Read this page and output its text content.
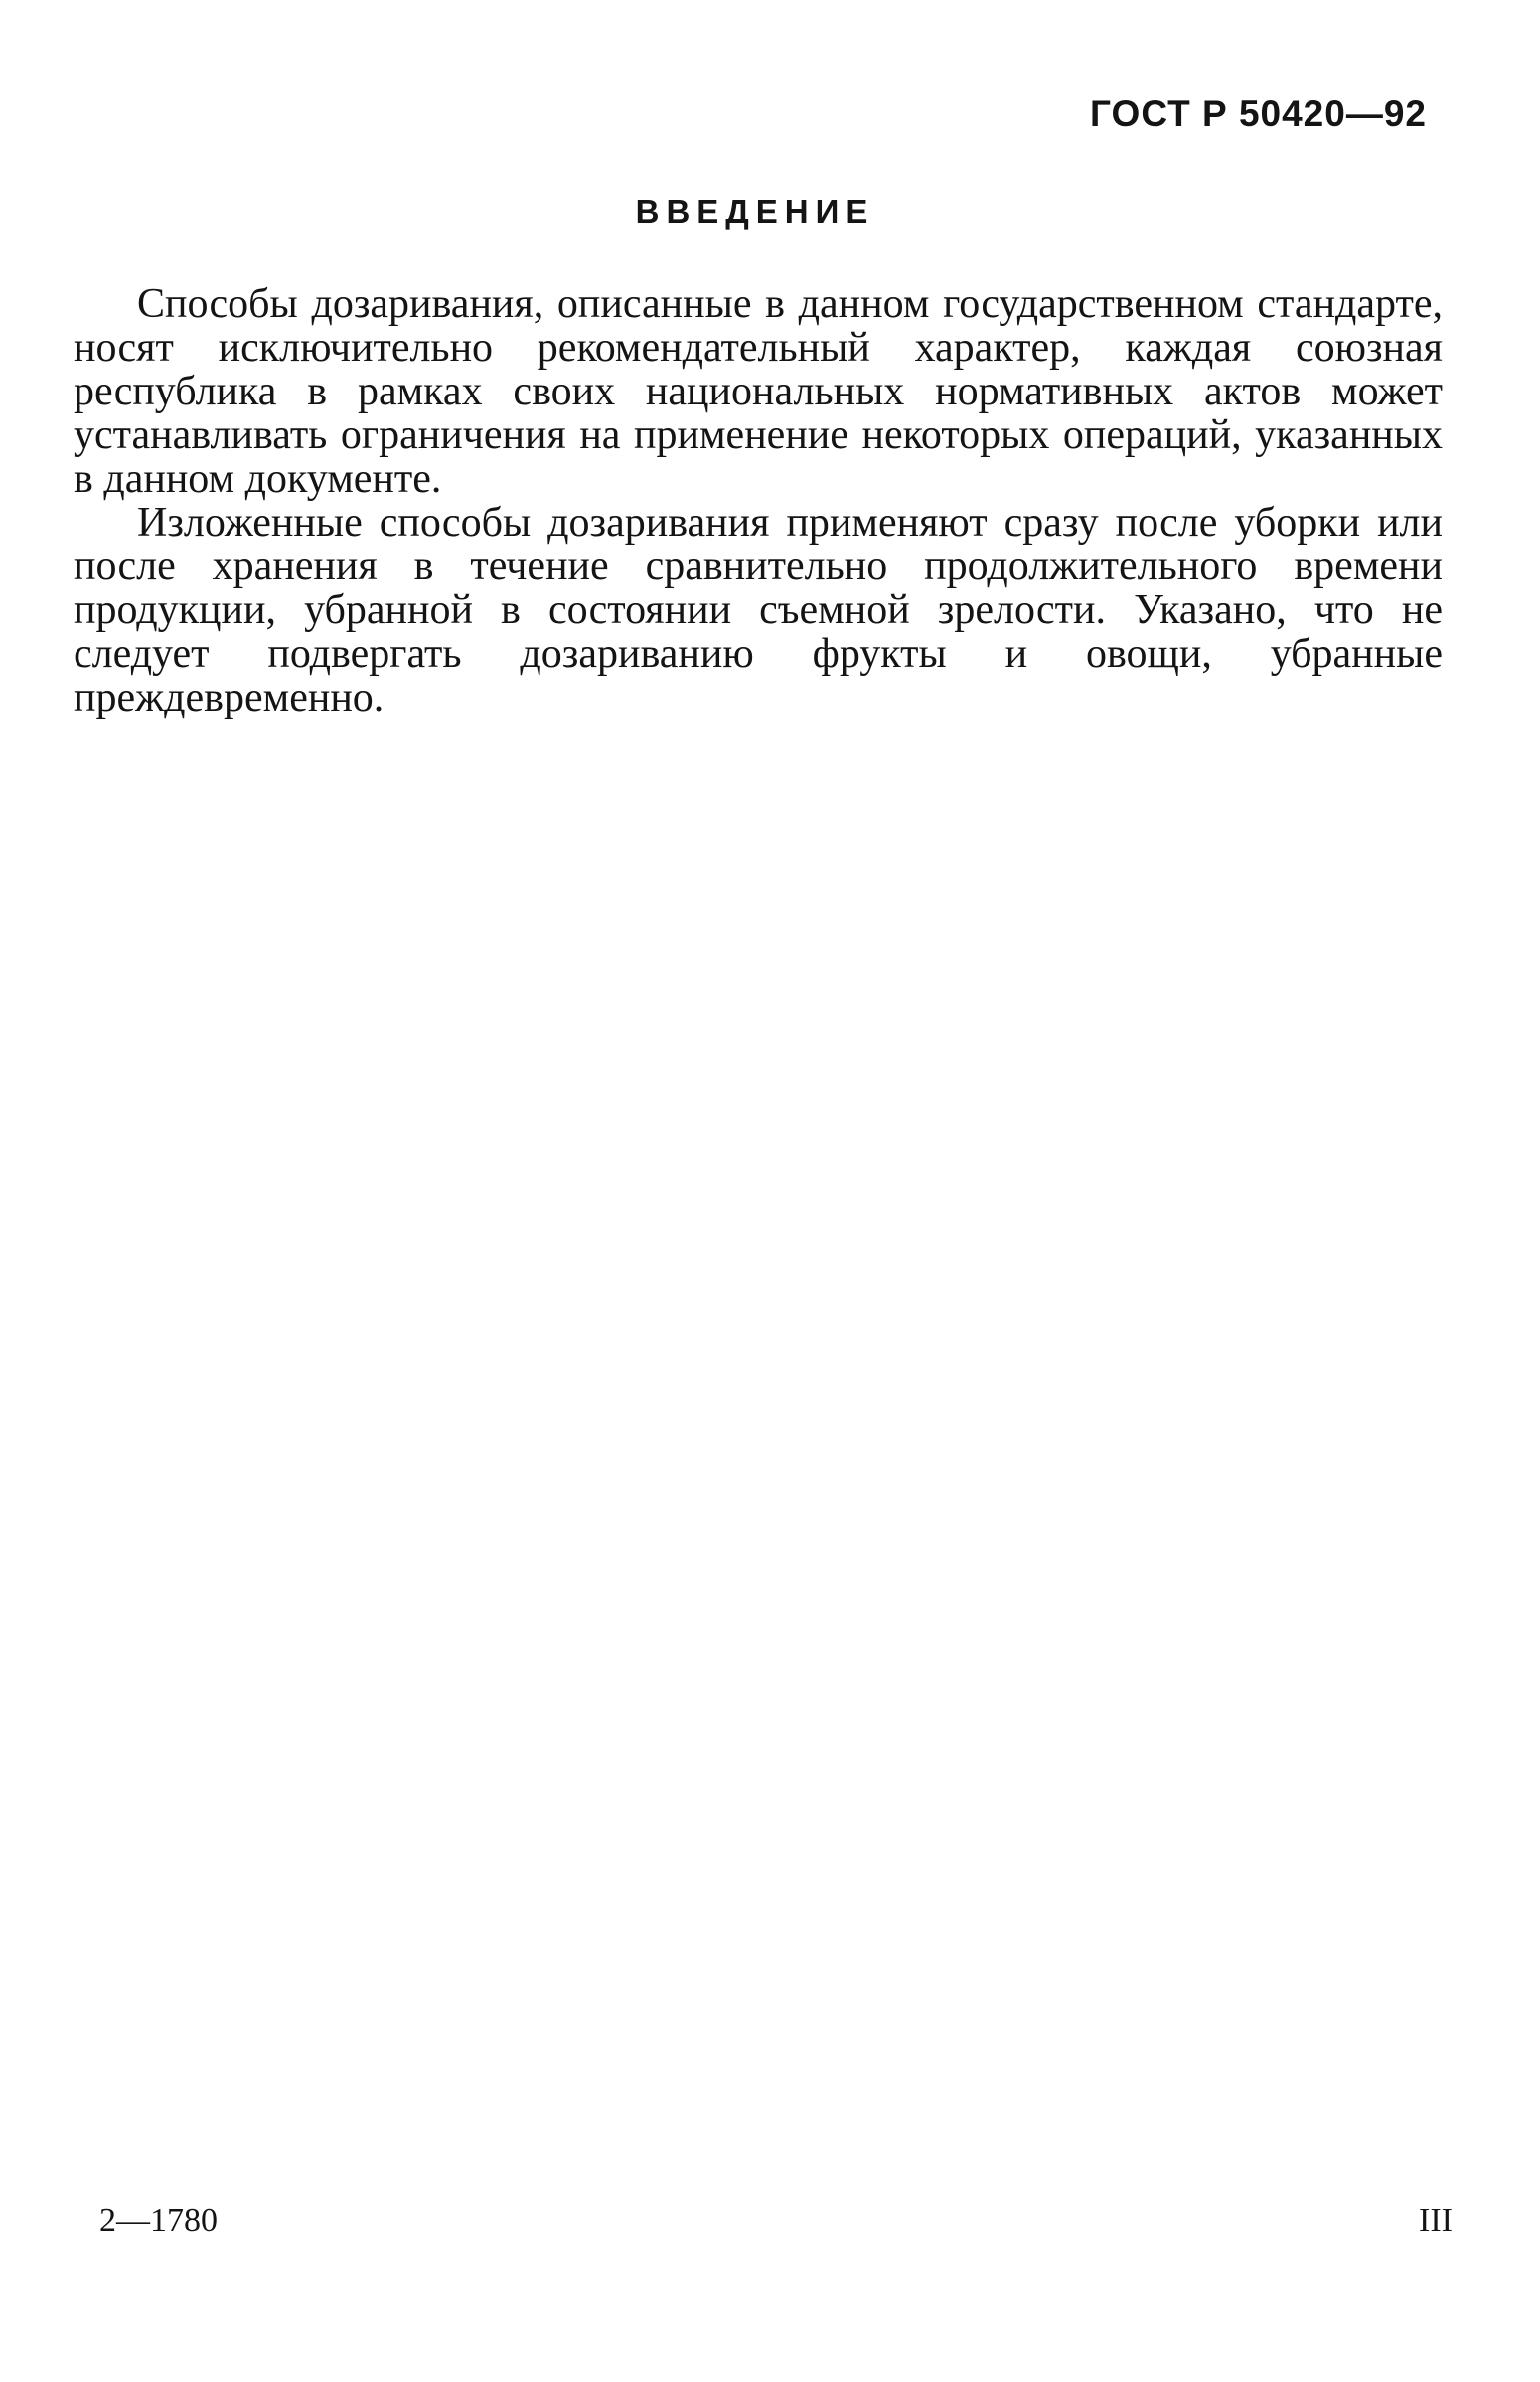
ГОСТ Р 50420—92
ВВЕДЕНИЕ

Способы дозаривания, описанные в данном государственном стандарте, носят исключительно рекомендательный характер, каждая союзная республика в рамках своих национальных нормативных актов может устанавливать ограничения на применение некоторых операций, указанных в данном документе.

Изложенные способы дозаривания применяют сразу после уборки или после хранения в течение сравнительно продолжительного времени продукции, убранной в состоянии съемной зрелости. Указано, что не следует подвергать дозариванию фрукты и овощи, убранные преждевременно.

2—1780	III
